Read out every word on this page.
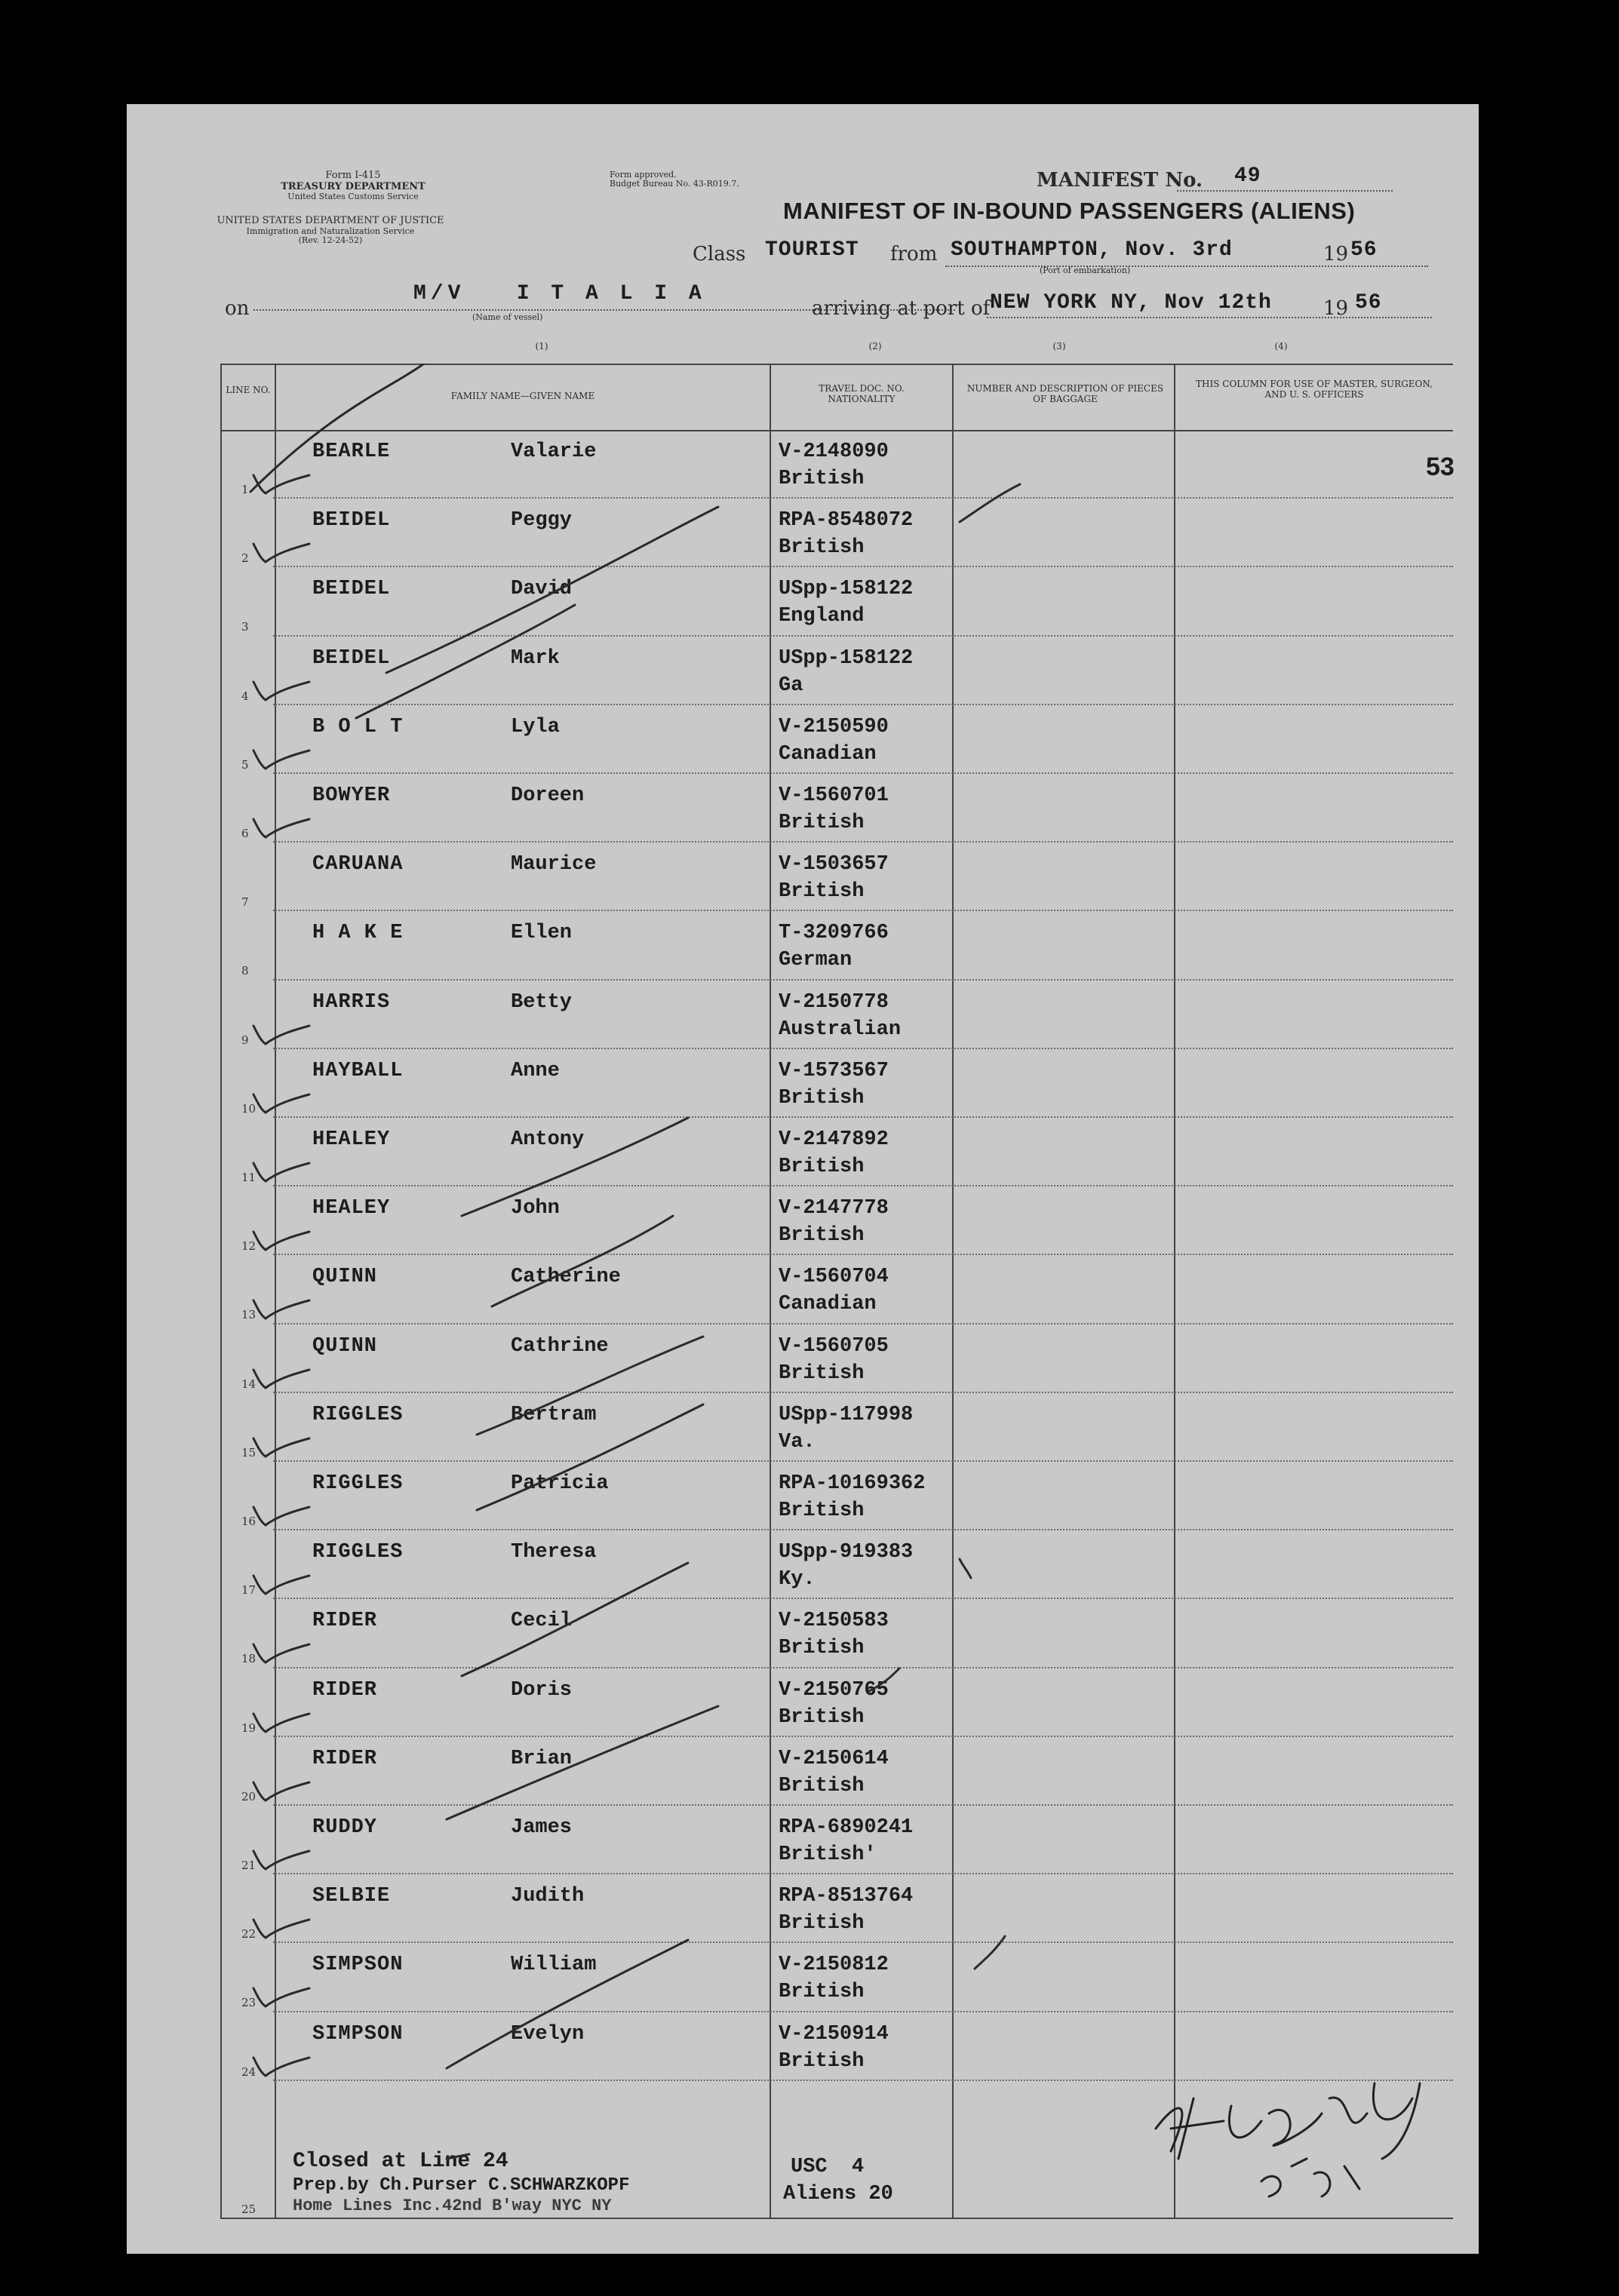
Form I-415
TREASURY DEPARTMENT
United States Customs Service
UNITED STATES DEPARTMENT OF JUSTICE
Immigration and Naturalization Service
(Rev. 12-24-52)
Form approved.
Budget Bureau No. 43-R019.7.	MANIFEST No. 49
MANIFEST OF IN-BOUND PASSENGERS (ALIENS)
Class TOURIST from SOUTHAMPTON, Nov. 3rd	19 56
(Port of embarkation)
on
M/V   I T A L I A
(Name of vessel)	arriving at port of NEW YORK NY, Nov 12th	19 56
(1)	(2)	(3)	(4)
LINE NO.
FAMILY NAME—GIVEN NAME
TRAVEL DOC. NO.
NATIONALITY
NUMBER AND DESCRIPTION OF PIECES OF BAGGAGE
THIS COLUMN FOR USE OF MASTER, SURGEON, AND U. S. OFFICERS
53
1
BEARLE	Valarie	V-2148090
British
2
BEIDEL	Peggy	RPA-8548072
British
3
BEIDEL	David	USpp-158122
England
4
BEIDEL	Mark	USpp-158122
Ga
5
B O L T	Lyla	V-2150590
Canadian
6
BOWYER	Doreen	V-1560701
British
7
CARUANA	Maurice	V-1503657
British
8
H A K E	Ellen	T-3209766
German
9
HARRIS	Betty	V-2150778
Australian
10
HAYBALL	Anne	V-1573567
British
11
HEALEY	Antony	V-2147892
British
12
HEALEY	John	V-2147778
British
13
QUINN	Catherine	V-1560704
Canadian
14
QUINN	Cathrine	V-1560705
British
15
RIGGLES	Bertram	USpp-117998
Va.
16
RIGGLES	Patricia	RPA-10169362
British
17
RIGGLES	Theresa	USpp-919383
Ky.
18
RIDER	Cecil	V-2150583
British
19
RIDER	Doris	V-2150765
British
20
RIDER	Brian	V-2150614
British
21
RUDDY	James	RPA-6890241
British'
22
SELBIE	Judith	RPA-8513764
British
23
SIMPSON	William	V-2150812
British
24
SIMPSON	Evelyn	V-2150914
British
25
Closed at Line 24
Prep.by Ch.Purser C.SCHWARZKOPF
Home Lines Inc.42nd B'way NYC NY
USC  4
Aliens 20
